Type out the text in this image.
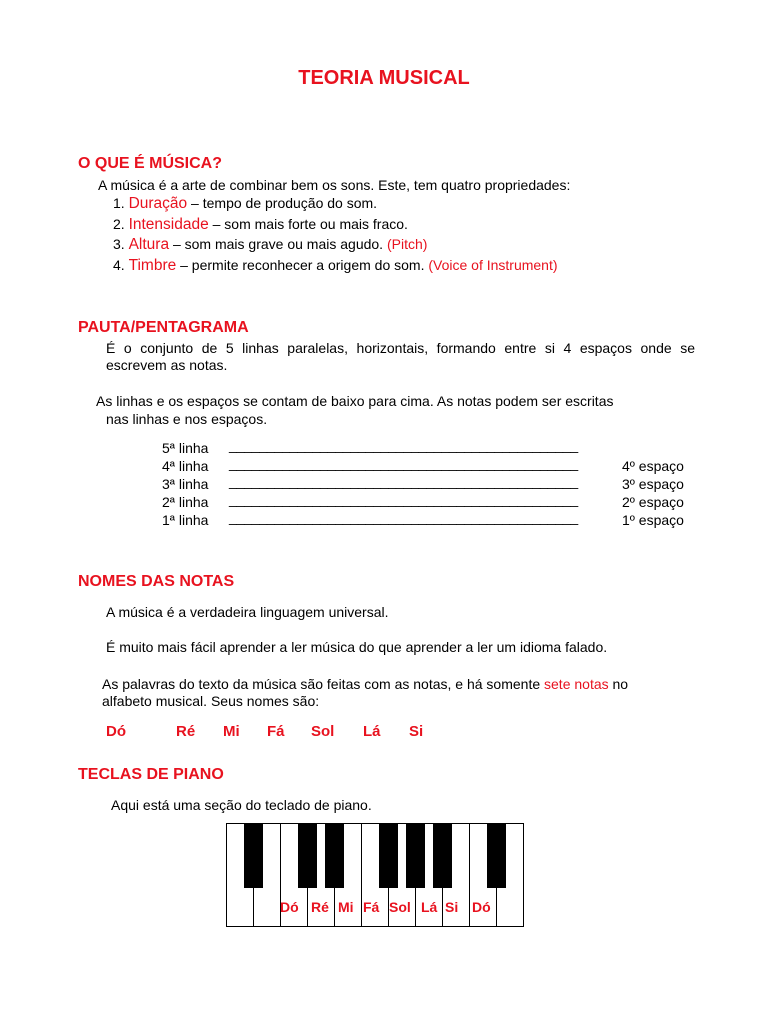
TEORIA MUSICAL
O QUE É MÚSICA?
A música é a arte de combinar bem os sons. Este, tem quatro propriedades:
1. Duração – tempo de produção do som.
2. Intensidade – som mais forte ou mais fraco.
3. Altura – som mais grave ou mais agudo. (Pitch)
4. Timbre – permite reconhecer a origem do som. (Voice of Instrument)
PAUTA/PENTAGRAMA
É o conjunto de 5 linhas paralelas, horizontais, formando entre si 4 espaços onde se
escrevem as notas.
As linhas e os espaços se contam de baixo para cima. As notas podem ser escritas
nas linhas e nos espaços.
5ª linha ______________________________________________
4ª linha ______________________________________________	4º espaço
3ª linha ______________________________________________	3º espaço
2ª linha ______________________________________________	2º espaço
1ª linha ______________________________________________	1º espaço
NOMES DAS NOTAS
A música é a verdadeira linguagem universal.
É muito mais fácil aprender a ler música do que aprender a ler um idioma falado.
As palavras do texto da música são feitas com as notas, e há somente sete notas no
alfabeto musical. Seus nomes são:
Dó	Ré Mi Fá Sol Lá Si
TECLAS DE PIANO
Aqui está uma seção do teclado de piano.
Dó Ré Mi Fá Sol Lá Si Dó
